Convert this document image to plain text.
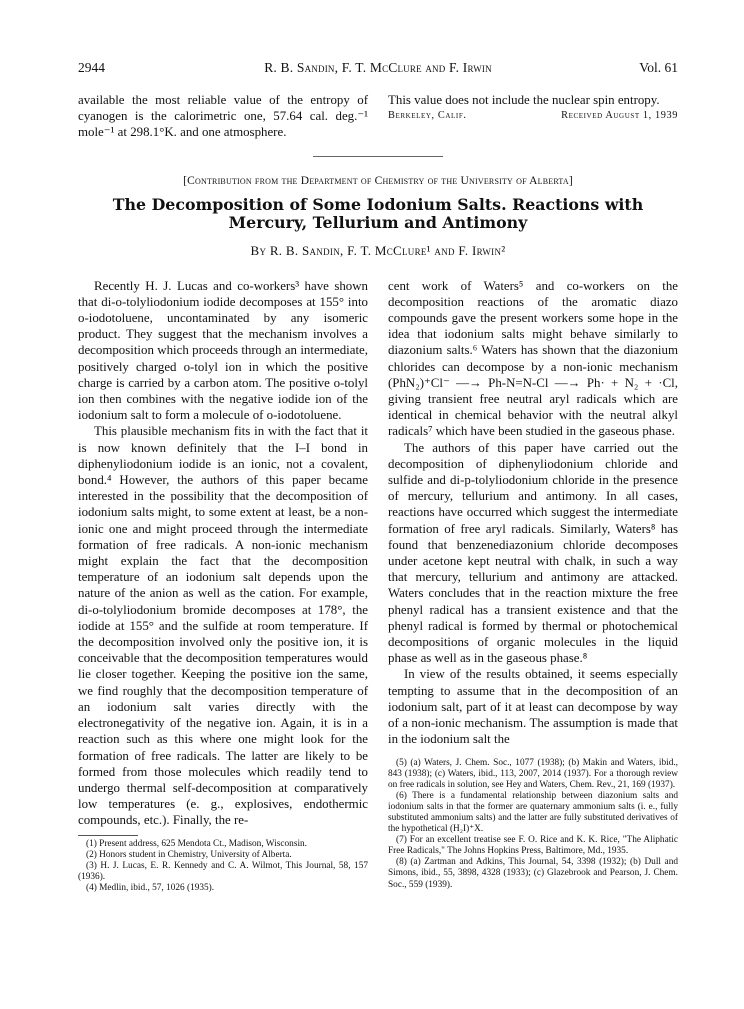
2944	R. B. Sandin, F. T. McClure and F. Irwin	Vol. 61

available the most reliable value of the entropy of cyanogen is the calorimetric one, 57.64 cal. deg.⁻¹ mole⁻¹ at 298.1°K. and one atmosphere.

This value does not include the nuclear spin entropy.

Berkeley, Calif.	Received August 1, 1939
[Contribution from the Department of Chemistry of the University of Alberta]
The Decomposition of Some Iodonium Salts. Reactions with Mercury, Tellurium and Antimony
By R. B. Sandin, F. T. McClure¹ and F. Irwin²

Recently H. J. Lucas and co-workers³ have shown that di-o-tolyliodonium iodide decomposes at 155° into o-iodotoluene, uncontaminated by any isomeric product. They suggest that the mechanism involves a decomposition which proceeds through an intermediate, positively charged o-tolyl ion in which the positive charge is carried by a carbon atom. The positive o-tolyl ion then combines with the negative iodide ion of the iodonium salt to form a molecule of o-iodotoluene.

This plausible mechanism fits in with the fact that it is now known definitely that the I–I bond in diphenyliodonium iodide is an ionic, not a covalent, bond.⁴ However, the authors of this paper became interested in the possibility that the decomposition of iodonium salts might, to some extent at least, be a non-ionic one and might proceed through the intermediate formation of free radicals. A non-ionic mechanism might explain the fact that the decomposition temperature of an iodonium salt depends upon the nature of the anion as well as the cation. For example, di-o-tolyliodonium bromide decomposes at 178°, the iodide at 155° and the sulfide at room temperature. If the decomposition involved only the positive ion, it is conceivable that the decomposition temperatures would lie closer together. Keeping the positive ion the same, we find roughly that the decomposition temperature of an iodonium salt varies directly with the electronegativity of the negative ion. Again, it is in a reaction such as this where one might look for the formation of free radicals. The latter are likely to be formed from those molecules which readily tend to undergo thermal self-decomposition at comparatively low temperatures (e. g., explosives, endothermic compounds, etc.). Finally, the re-

(1) Present address, 625 Mendota Ct., Madison, Wisconsin.

(2) Honors student in Chemistry, University of Alberta.

(3) H. J. Lucas, E. R. Kennedy and C. A. Wilmot, This Journal, 58, 157 (1936).

(4) Medlin, ibid., 57, 1026 (1935).

cent work of Waters⁵ and co-workers on the decomposition reactions of the aromatic diazo compounds gave the present workers some hope in the idea that iodonium salts might behave similarly to diazonium salts.⁶ Waters has shown that the diazonium chlorides can decompose by a non-ionic mechanism (PhN₂)⁺Cl⁻ —→ Ph-N=N-Cl —→ Ph· + N₂ + ·Cl, giving transient free neutral aryl radicals which are identical in chemical behavior with the neutral alkyl radicals⁷ which have been studied in the gaseous phase.

The authors of this paper have carried out the decomposition of diphenyliodonium chloride and sulfide and di-p-tolyliodonium chloride in the presence of mercury, tellurium and antimony. In all cases, reactions have occurred which suggest the intermediate formation of free aryl radicals. Similarly, Waters⁸ has found that benzenediazonium chloride decomposes under acetone kept neutral with chalk, in such a way that mercury, tellurium and antimony are attacked. Waters concludes that in the reaction mixture the free phenyl radical has a transient existence and that the phenyl radical is formed by thermal or photochemical decompositions of organic molecules in the liquid phase as well as in the gaseous phase.⁸

In view of the results obtained, it seems especially tempting to assume that in the decomposition of an iodonium salt, part of it at least can decompose by way of a non-ionic mechanism. The assumption is made that in the iodonium salt the

(5) (a) Waters, J. Chem. Soc., 1077 (1938); (b) Makin and Waters, ibid., 843 (1938); (c) Waters, ibid., 113, 2007, 2014 (1937). For a thorough review on free radicals in solution, see Hey and Waters, Chem. Rev., 21, 169 (1937).

(6) There is a fundamental relationship between diazonium salts and iodonium salts in that the former are quaternary ammonium salts (i. e., fully substituted ammonium salts) and the latter are fully substituted derivatives of the hypothetical (H₂I)⁺X.

(7) For an excellent treatise see F. O. Rice and K. K. Rice, "The Aliphatic Free Radicals," The Johns Hopkins Press, Baltimore, Md., 1935.

(8) (a) Zartman and Adkins, This Journal, 54, 3398 (1932); (b) Dull and Simons, ibid., 55, 3898, 4328 (1933); (c) Glazebrook and Pearson, J. Chem. Soc., 559 (1939).
